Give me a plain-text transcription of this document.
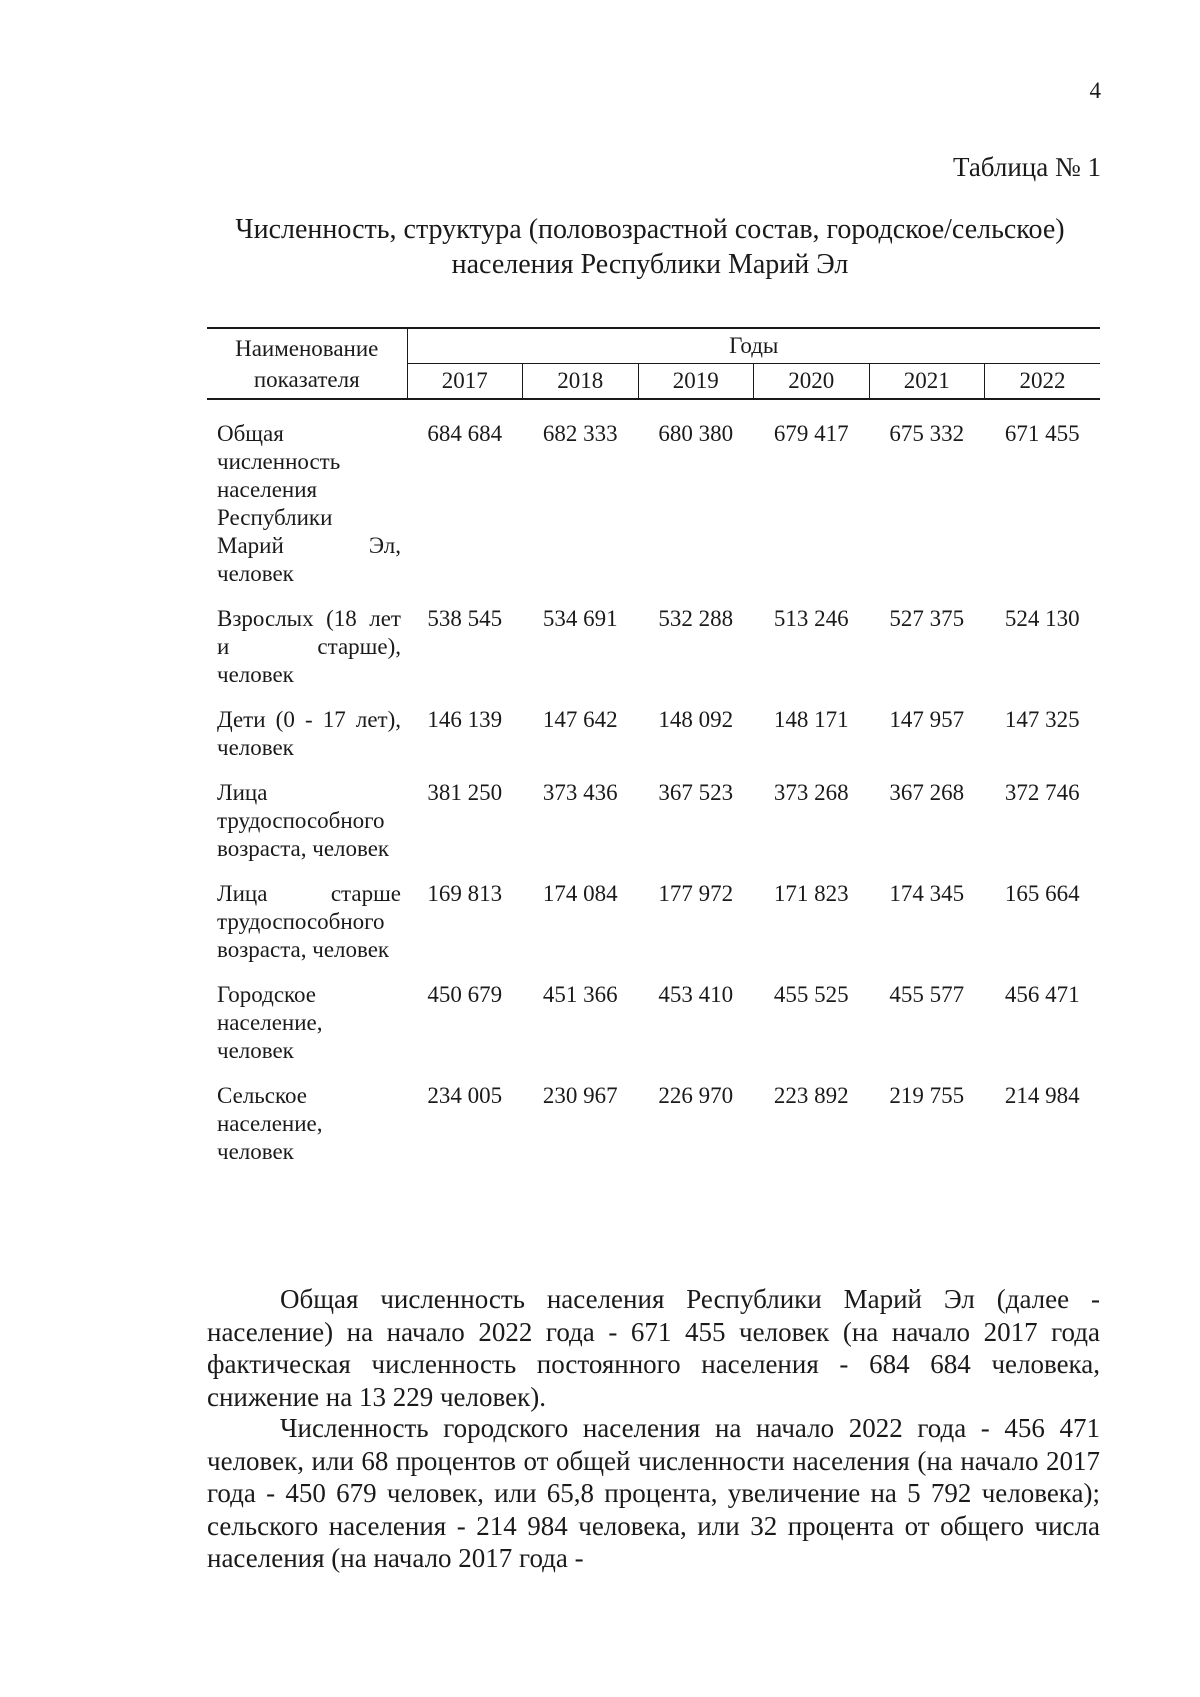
4
Таблица № 1
Численность, структура (половозрастной состав, городское/сельское)
населения Республики Марий Эл
Наименование
показателя	Годы					
	2017	2018	2019	2020	2021	2022

Общая численность населения Республики Марий Эл, человек	684 684	682 333	680 380	679 417	675 332	671 455
Взрослых (18 лет и старше), человек	538 545	534 691	532 288	513 246	527 375	524 130
Дети (0 - 17 лет), человек	146 139	147 642	148 092	148 171	147 957	147 325
Лица трудоспособного возраста, человек	381 250	373 436	367 523	373 268	367 268	372 746
Лица старше трудоспособного возраста, человек	169 813	174 084	177 972	171 823	174 345	165 664
Городское население, человек	450 679	451 366	453 410	455 525	455 577	456 471
Сельское население, человек	234 005	230 967	226 970	223 892	219 755	214 984

Общая численность населения Республики Марий Эл (далее - население) на начало 2022 года - 671 455 человек (на начало 2017 года фактическая численность постоянного населения - 684 684 человека, снижение на 13 229 человек).

Численность городского населения на начало 2022 года - 456 471 человек, или 68 процентов от общей численности населения (на начало 2017 года - 450 679 человек, или 65,8 процента, увеличение на 5 792 человека); сельского населения - 214 984 человека, или 32 процента от общего числа населения (на начало 2017 года -
